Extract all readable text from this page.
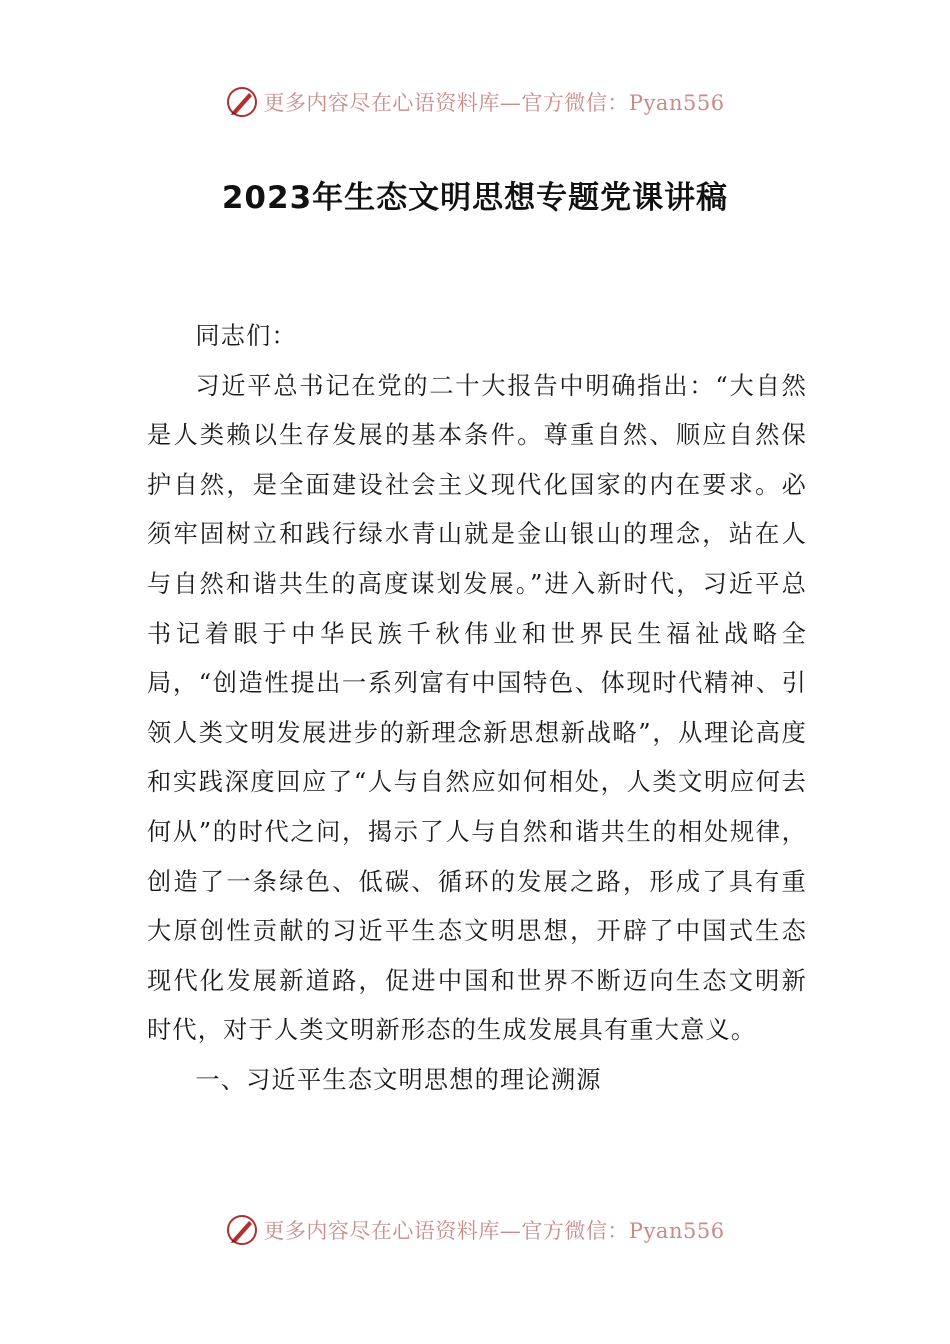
更多内容尽在心语资料库—官方微信：Pyan556
2023年生态文明思想专题党课讲稿

同志们：

习近平总书记在党的二十大报告中明确指出：“大自然是人类赖以生存发展的基本条件。尊重自然、顺应自然保护自然，是全面建设社会主义现代化国家的内在要求。必须牢固树立和践行绿水青山就是金山银山的理念，站在人与自然和谐共生的高度谋划发展。”进入新时代，习近平总书记着眼于中华民族千秋伟业和世界民生福祉战略全局，“创造性提出一系列富有中国特色、体现时代精神、引领人类文明发展进步的新理念新思想新战略”，从理论高度和实践深度回应了“人与自然应如何相处，人类文明应何去何从”的时代之问，揭示了人与自然和谐共生的相处规律，创造了一条绿色、低碳、循环的发展之路，形成了具有重大原创性贡献的习近平生态文明思想，开辟了中国式生态现代化发展新道路，促进中国和世界不断迈向生态文明新时代，对于人类文明新形态的生成发展具有重大意义。

一、习近平生态文明思想的理论溯源

更多内容尽在心语资料库—官方微信：Pyan556
